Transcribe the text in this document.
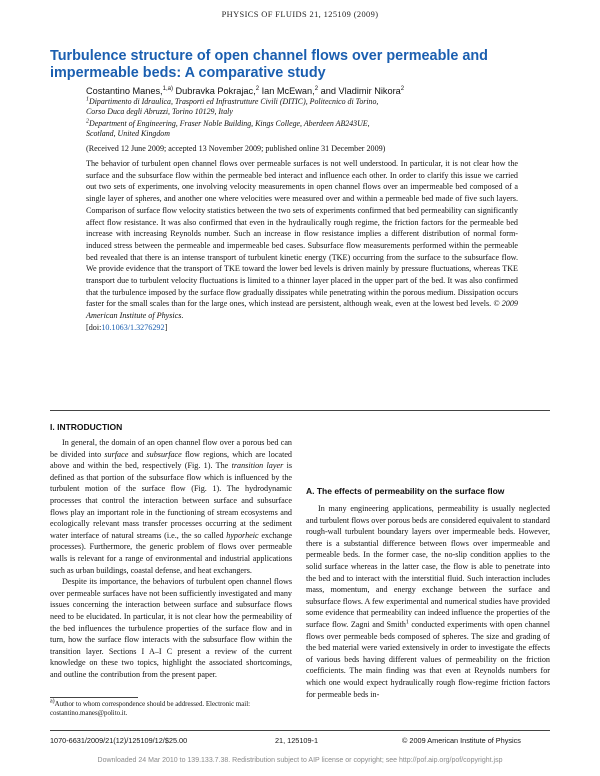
PHYSICS OF FLUIDS 21, 125109 (2009)
Turbulence structure of open channel flows over permeable and impermeable beds: A comparative study
Costantino Manes,$^{1,a)}$ Dubravka Pokrajac,$^2$ Ian McEwan,$^2$ and Vladimir Nikora$^2$
$^1$Dipartimento di Idraulica, Trasporti ed Infrastrutture Civili (DITIC), Politecnico di Torino,
Corso Duca degli Abruzzi, Torino 10129, Italy
$^2$Department of Engineering, Fraser Noble Building, Kings College, Aberdeen AB243UE,
Scotland, United Kingdom
(Received 12 June 2009; accepted 13 November 2009; published online 31 December 2009)
The behavior of turbulent open channel flows over permeable surfaces is not well understood. In particular, it is not clear how the surface and the subsurface flow within the permeable bed interact and influence each other. In order to clarify this issue we carried out two sets of experiments, one involving velocity measurements in open channel flows over an impermeable bed composed of a single layer of spheres, and another one where velocities were measured over and within a permeable bed made of five such layers. Comparison of surface flow velocity statistics between the two sets of experiments confirmed that bed permeability can significantly affect flow resistance. It was also confirmed that even in the hydraulically rough regime, the friction factors for the permeable bed increase with increasing Reynolds number. Such an increase in flow resistance implies a different distribution of normal form-induced stress between the permeable and impermeable bed cases. Subsurface flow measurements performed within the permeable bed revealed that there is an intense transport of turbulent kinetic energy (TKE) occurring from the surface to the subsurface flow. We provide evidence that the transport of TKE toward the lower bed levels is driven mainly by pressure fluctuations, whereas TKE transport due to turbulent velocity fluctuations is limited to a thinner layer placed in the upper part of the bed. It was also confirmed that the turbulence imposed by the surface flow gradually dissipates while penetrating within the porous medium. Dissipation occurs faster for the small scales than for the large ones, which instead are persistent, although weak, even at the lowest bed levels. © 2009 American Institute of Physics.
[doi:10.1063/1.3276292]
I. INTRODUCTION

In general, the domain of an open channel flow over a porous bed can be divided into surface and subsurface flow regions, which are located above and within the bed, respectively (Fig. 1). The transition layer is defined as that portion of the subsurface flow which is influenced by the turbulent motion of the surface flow (Fig. 1). The hydrodynamic processes that control the interaction between surface and subsurface flows play an important role in the functioning of stream ecosystems and ecologically relevant mass transfer processes occurring at the sediment water interface of natural streams (i.e., the so called hyporheic exchange processes). Furthermore, the generic problem of flows over permeable walls is relevant for a range of environmental and industrial applications such as urban buildings, coastal defense, and heat exchangers.

Despite its importance, the behaviors of turbulent open channel flows over permeable surfaces have not been sufficiently investigated and many issues concerning the interaction between surface and subsurface flows need to be elucidated. In particular, it is not clear how the permeability of the bed influences the turbulence properties of the surface flow and in turn, how the surface flow interacts with the subsurface flow within the transition layer. Sections I A–I C present a review of the current knowledge on these two topics, highlight the associated shortcomings, and outline the contribution from the present paper.

$^{a)}$Author to whom correspondence should be addressed. Electronic mail: costantino.manes@polito.it.
A. The effects of permeability on the surface flow

In many engineering applications, permeability is usually neglected and turbulent flows over porous beds are considered equivalent to standard rough-wall turbulent boundary layers over impermeable beds. However, there is a substantial difference between flows over impermeable and permeable beds. In the former case, the no-slip condition applies to the solid surface whereas in the latter case, the flow is able to penetrate into the bed and to interact with the interstitial fluid. Such interaction includes mass, momentum, and energy exchange between the surface and subsurface flows. A few experimental and numerical studies have provided some evidence that permeability can indeed influence the properties of the surface flow. Zagni and Smith$^1$ conducted experiments with open channel flows over permeable beds composed of spheres. The size and grading of the bed material were varied extensively in order to investigate the effects of various beds having different values of permeability on the friction coefficients. The main finding was that even at Reynolds numbers for which one would expect hydraulically rough flow-regime friction factors for permeable beds in-

1070-6631/2009/21(12)/125109/12/$25.00	21, 125109-1	© 2009 American Institute of Physics
Downloaded 24 Mar 2010 to 139.133.7.38. Redistribution subject to AIP license or copyright; see http://pof.aip.org/pof/copyright.jsp
